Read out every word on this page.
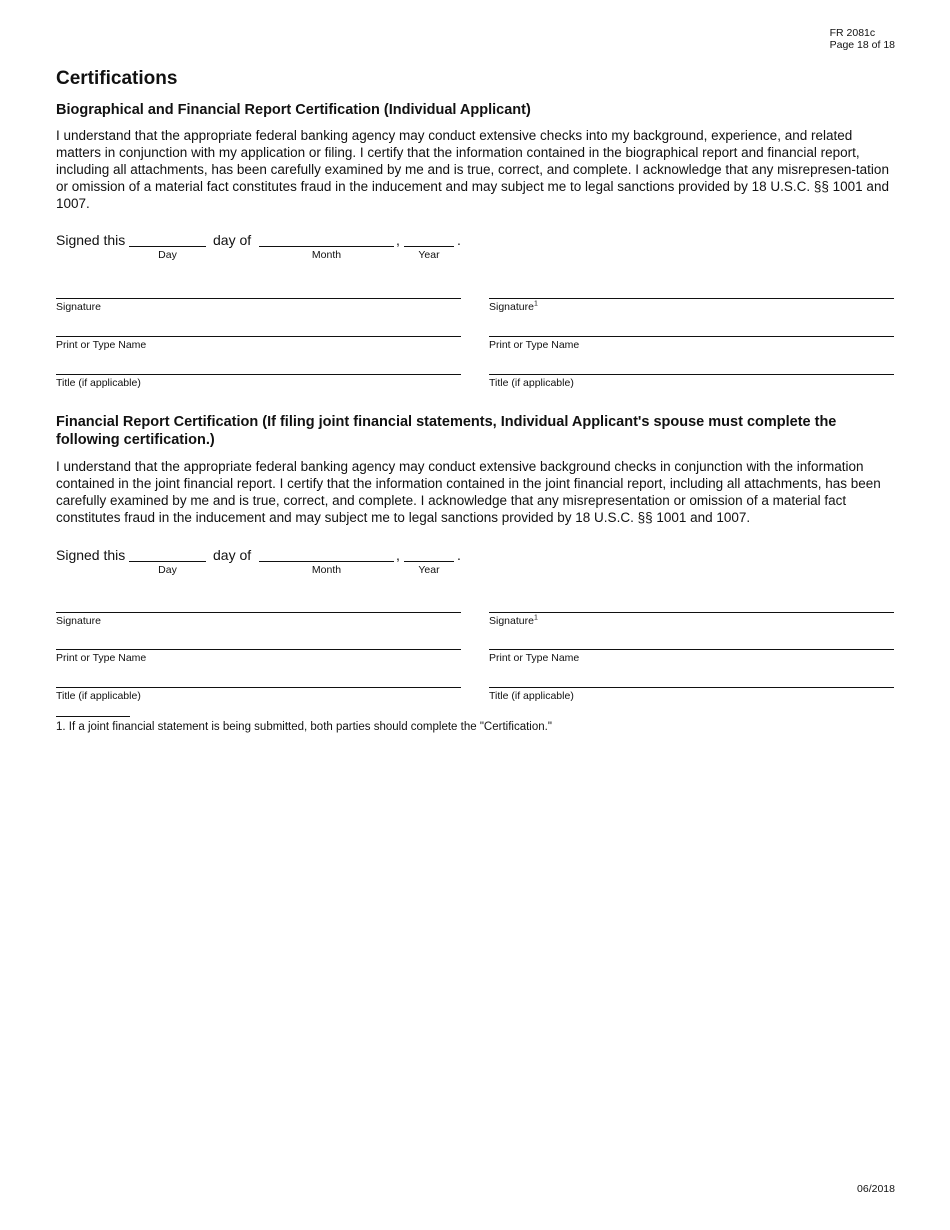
FR 2081c
Page 18 of 18
Certifications
Biographical and Financial Report Certification (Individual Applicant)
I understand that the appropriate federal banking agency may conduct extensive checks into my background, experience, and related matters in conjunction with my application or filing. I certify that the information contained in the biographical report and financial report, including all attachments, has been carefully examined by me and is true, correct, and complete. I acknowledge that any misrepresen-tation or omission of a material fact constitutes fraud in the inducement and may subject me to legal sanctions provided by 18 U.S.C. §§ 1001 and 1007.
Signed this	day of	,	.
Day	Month	Year
Signature	Signature$^1$
Print or Type Name	Print or Type Name
Title (if applicable)	Title (if applicable)
Financial Report Certification (If filing joint financial statements, Individual Applicant's spouse must complete the following certification.)
I understand that the appropriate federal banking agency may conduct extensive background checks in conjunction with the information contained in the joint financial report. I certify that the information contained in the joint financial report, including all attachments, has been carefully examined by me and is true, correct, and complete. I acknowledge that any misrepresentation or omission of a material fact constitutes fraud in the inducement and may subject me to legal sanctions provided by 18 U.S.C. §§ 1001 and 1007.
Signed this	day of	,	.
Day	Month	Year
Signature	Signature$^1$
Print or Type Name	Print or Type Name
Title (if applicable)	Title (if applicable)
1. If a joint financial statement is being submitted, both parties should complete the "Certification."
06/2018
